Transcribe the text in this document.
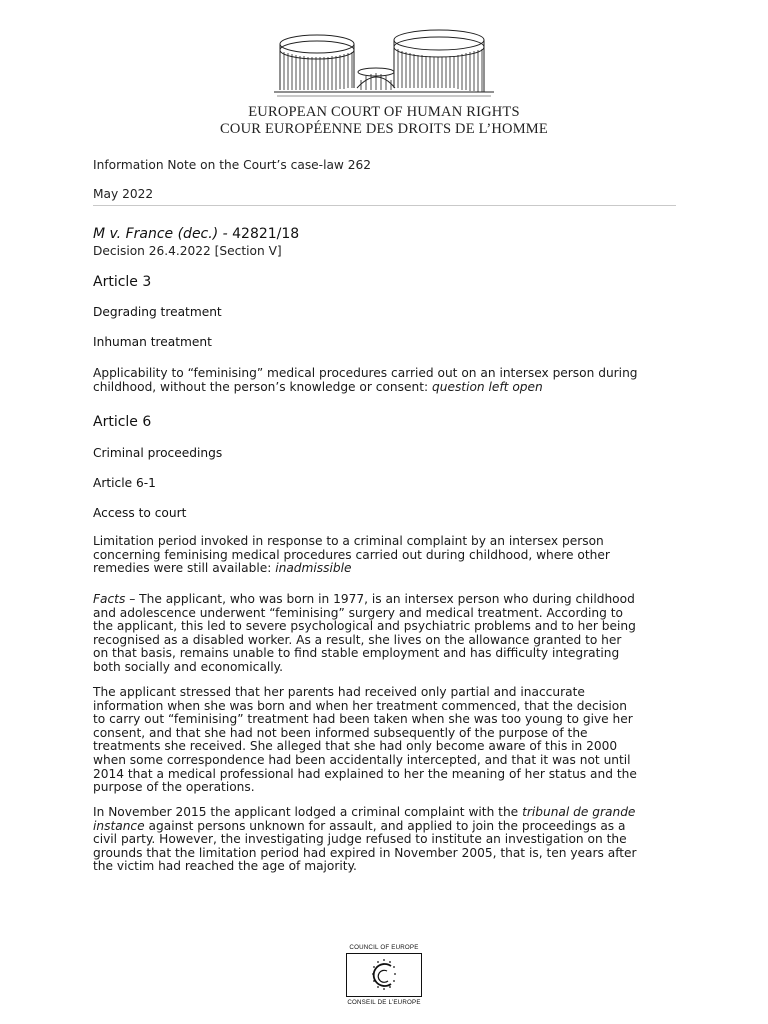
EUROPEAN COURT OF HUMAN RIGHTS
COUR EUROPÉENNE DES DROITS DE L’HOMME
Information Note on the Court’s case-law 262
May 2022
M v. France (dec.) - 42821/18
Decision 26.4.2022 [Section V]
Article 3
Degrading treatment
Inhuman treatment
Applicability to “feminising” medical procedures carried out on an intersex person during
childhood, without the person’s knowledge or consent: question left open
Article 6
Criminal proceedings
Article 6-1
Access to court
Limitation period invoked in response to a criminal complaint by an intersex person
concerning feminising medical procedures carried out during childhood, where other
remedies were still available: inadmissible
Facts – The applicant, who was born in 1977, is an intersex person who during childhood
and adolescence underwent “feminising” surgery and medical treatment. According to
the applicant, this led to severe psychological and psychiatric problems and to her being
recognised as a disabled worker. As a result, she lives on the allowance granted to her
on that basis, remains unable to find stable employment and has difficulty integrating
both socially and economically.
The applicant stressed that her parents had received only partial and inaccurate
information when she was born and when her treatment commenced, that the decision
to carry out “feminising” treatment had been taken when she was too young to give her
consent, and that she had not been informed subsequently of the purpose of the
treatments she received. She alleged that she had only become aware of this in 2000
when some correspondence had been accidentally intercepted, and that it was not until
2014 that a medical professional had explained to her the meaning of her status and the
purpose of the operations.
In November 2015 the applicant lodged a criminal complaint with the tribunal de grande
instance against persons unknown for assault, and applied to join the proceedings as a
civil party. However, the investigating judge refused to institute an investigation on the
grounds that the limitation period had expired in November 2005, that is, ten years after
the victim had reached the age of majority.
COUNCIL OF EUROPE
CONSEIL DE L’EUROPE
